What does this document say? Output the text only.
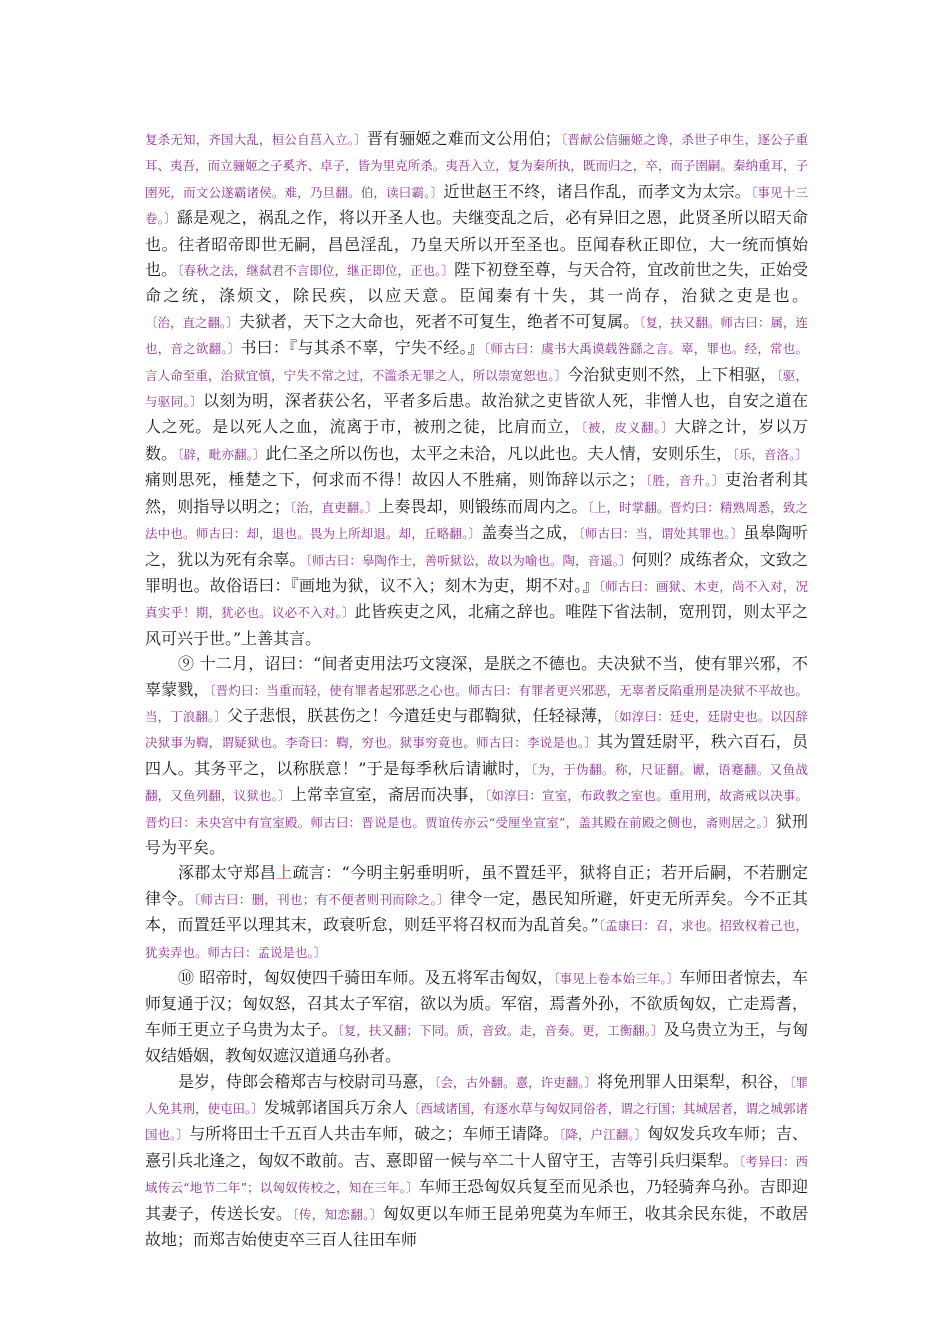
复杀无知，齐国大乱，桓公自莒入立。〕晋有骊姬之难而文公用伯；〔晋献公信骊姬之谗，杀世子申生，逐公子重耳、夷吾，而立骊姬之子奚齐、卓子，皆为里克所杀。夷吾入立，复为秦所执，既而归之，卒，而子圉嗣。秦纳重耳，子圉死，而文公遂霸诸侯。难，乃旦翻。伯，读曰霸。〕近世赵王不终，诸吕作乱，而孝文为太宗。〔事见十三卷。〕繇是观之，祸乱之作，将以开圣人也。夫继变乱之后，必有异旧之恩，此贤圣所以昭天命也。往者昭帝即世无嗣，昌邑淫乱，乃皇天所以开至圣也。臣闻春秋正即位，大一统而慎始也。〔春秋之法，继弑君不言即位，继正即位，正也。〕陛下初登至尊，与天合符，宜改前世之失，正始受命之统，涤烦文，除民疾，以应天意。臣闻秦有十失，其一尚存，治狱之吏是也。〔治，直之翻。〕夫狱者，天下之大命也，死者不可复生，绝者不可复属。〔复，扶又翻。师古曰：属，连也，音之欲翻。〕书曰：『与其杀不辜，宁失不经。』〔师古曰：虞书大禹谟载咎繇之言。辜，罪也。经，常也。言人命至重，治狱宜慎，宁失不常之过，不滥杀无罪之人，所以崇宽恕也。〕今治狱吏则不然，上下相驱，〔驱，与驱同。〕以刻为明，深者获公名，平者多后患。故治狱之吏皆欲人死，非憎人也，自安之道在人之死。是以死人之血，流离于市，被刑之徒，比肩而立，〔被，皮义翻。〕大辟之计，岁以万数。〔辟，毗亦翻。〕此仁圣之所以伤也，太平之未洽，凡以此也。夫人情，安则乐生，〔乐，音洛。〕痛则思死，棰楚之下，何求而不得！故囚人不胜痛，则饰辞以示之；〔胜，音升。〕吏治者利其然，则指导以明之；〔治，直吏翻。〕上奏畏却，则锻练而周内之。〔上，时掌翻。晋灼曰：精熟周悉，致之法中也。师古曰：却，退也。畏为上所却退。却，丘略翻。〕盖奏当之成，〔师古曰：当，谓处其罪也。〕虽皋陶听之，犹以为死有余辜。〔师古曰：皋陶作士，善听狱讼，故以为喻也。陶，音遥。〕何则？成练者众，文致之罪明也。故俗语曰：『画地为狱，议不入；刻木为吏，期不对。』〔师古曰：画狱、木吏，尚不入对，况真实乎！期，犹必也。议必不入对。〕此皆疾吏之风，北痛之辞也。唯陛下省法制，宽刑罚，则太平之风可兴于世。”上善其言。

⑨ 十二月，诏曰：“间者吏用法巧文寖深，是朕之不德也。夫决狱不当，使有罪兴邪，不辜蒙戮，〔晋灼曰：当重而轻，使有罪者起邪恶之心也。师古曰：有罪者更兴邪恶，无辜者反陷重刑是决狱不平故也。当，丁浪翻。〕父子悲恨，朕甚伤之！今遣廷史与郡鞫狱，任轻禄薄，〔如淳曰：廷史，廷尉史也。以囚辞决狱事为鞫，谓疑狱也。李奇曰：鞫，穷也。狱事穷竟也。师古曰：李说是也。〕其为置廷尉平，秩六百石，员四人。其务平之，以称朕意！”于是每季秋后请谳时，〔为，于伪翻。称，尺证翻。谳，语蹇翻。又鱼战翻，又鱼列翻，议狱也。〕上常幸宣室，斋居而决事，〔如淳曰：宣室，布政教之室也。重用刑，故斋戒以决事。晋灼曰：未央宫中有宣室殿。师古曰：晋说是也。贾谊传亦云“受厘坐宣室”，盖其殿在前殿之侧也，斋则居之。〕狱刑号为平矣。

涿郡太守郑昌上疏言：“今明主躬垂明听，虽不置廷平，狱将自正；若开后嗣，不若删定律令。〔师古曰：删，刊也；有不便者则刊而除之。〕律令一定，愚民知所避，奸吏无所弄矣。今不正其本，而置廷平以理其末，政衰听怠，则廷平将召权而为乱首矣。”〔孟康曰：召，求也。招致权着己也，犹卖弄也。师古曰：孟说是也。〕

⑩ 昭帝时，匈奴使四千骑田车师。及五将军击匈奴，〔事见上卷本始三年。〕车师田者惊去，车师复通于汉；匈奴怒，召其太子军宿，欲以为质。军宿，焉耆外孙，不欲质匈奴，亡走焉耆，车师王更立子乌贵为太子。〔复，扶又翻；下同。质，音致。走，音奏。更，工衡翻。〕及乌贵立为王，与匈奴结婚姻，教匈奴遮汉道通乌孙者。

是岁，侍郎会稽郑吉与校尉司马憙，〔会，古外翻。憙，许吏翻。〕将免刑罪人田渠犁，积谷，〔罪人免其刑，使屯田。〕发城郭诸国兵万余人〔西域诸国，有逐水草与匈奴同俗者，谓之行国；其城居者，谓之城郭诸国也。〕与所将田士千五百人共击车师，破之；车师王请降。〔降，户江翻。〕匈奴发兵攻车师；吉、憙引兵北逢之，匈奴不敢前。吉、憙即留一候与卒二十人留守王，吉等引兵归渠犁。〔考异曰：西域传云“地节二年”；以匈奴传校之，知在三年。〕车师王恐匈奴兵复至而见杀也，乃轻骑奔乌孙。吉即迎其妻子，传送长安。〔传，知恋翻。〕匈奴更以车师王昆弟兜莫为车师王，收其余民东徙，不敢居故地；而郑吉始使吏卒三百人往田车师
